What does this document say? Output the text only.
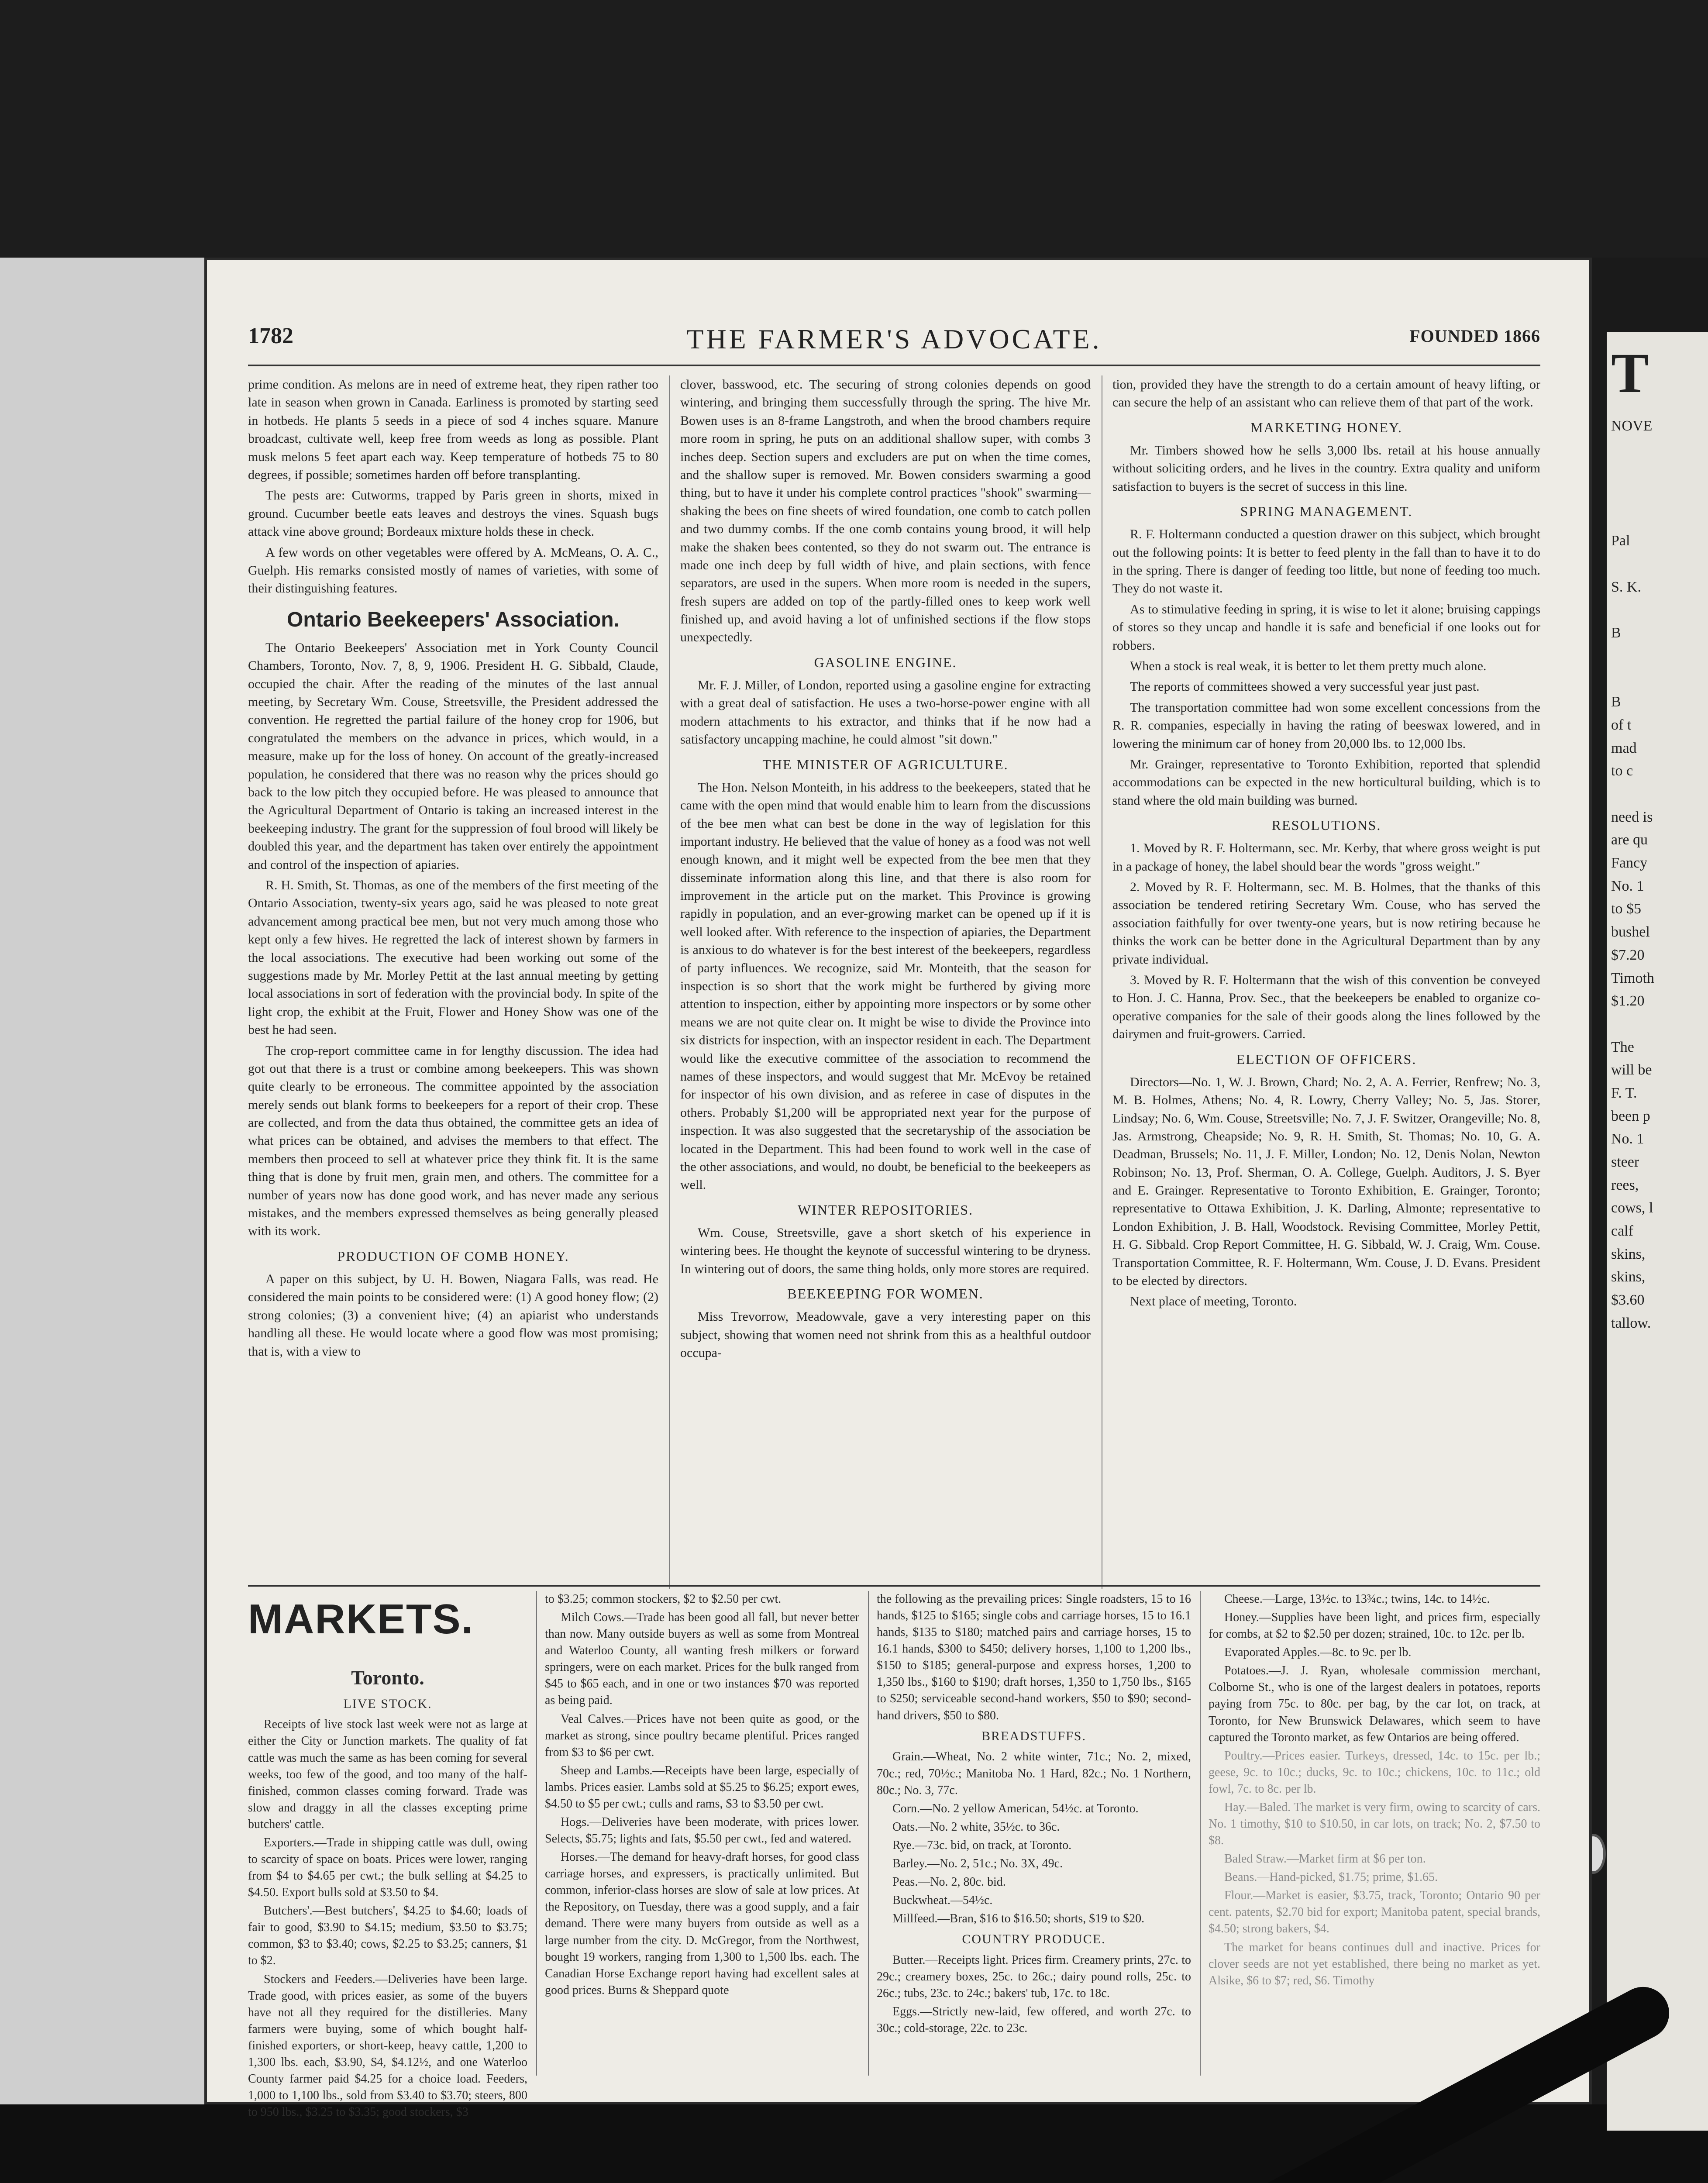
T
NOVE

Pal

S. K.

B

B
of t
mad
to c

need is
are qu
Fancy
No. 1
to $5
bushel
$7.20
Timoth
$1.20

The
will be
F. T.
been p
No. 1
steer
rees,
cows, l
calf
skins,
skins,
$3.60
tallow.
1782	THE FARMER'S ADVOCATE.	FOUNDED 1866

prime condition. As melons are in need of extreme heat, they ripen rather too late in season when grown in Canada. Earliness is promoted by starting seed in hotbeds. He plants 5 seeds in a piece of sod 4 inches square. Manure broadcast, cultivate well, keep free from weeds as long as possible. Plant musk melons 5 feet apart each way. Keep temperature of hotbeds 75 to 80 degrees, if possible; sometimes harden off before transplanting.

The pests are: Cutworms, trapped by Paris green in shorts, mixed in ground. Cucumber beetle eats leaves and destroys the vines. Squash bugs attack vine above ground; Bordeaux mixture holds these in check.

A few words on other vegetables were offered by A. McMeans, O. A. C., Guelph. His remarks consisted mostly of names of varieties, with some of their distinguishing features.

Ontario Beekeepers' Association.

The Ontario Beekeepers' Association met in York County Council Chambers, Toronto, Nov. 7, 8, 9, 1906. President H. G. Sibbald, Claude, occupied the chair. After the reading of the minutes of the last annual meeting, by Secretary Wm. Couse, Streetsville, the President addressed the convention. He regretted the partial failure of the honey crop for 1906, but congratulated the members on the advance in prices, which would, in a measure, make up for the loss of honey. On account of the greatly-increased population, he considered that there was no reason why the prices should go back to the low pitch they occupied before. He was pleased to announce that the Agricultural Department of Ontario is taking an increased interest in the beekeeping industry. The grant for the suppression of foul brood will likely be doubled this year, and the department has taken over entirely the appointment and control of the inspection of apiaries.

R. H. Smith, St. Thomas, as one of the members of the first meeting of the Ontario Association, twenty-six years ago, said he was pleased to note great advancement among practical bee men, but not very much among those who kept only a few hives. He regretted the lack of interest shown by farmers in the local associations. The executive had been working out some of the suggestions made by Mr. Morley Pettit at the last annual meeting by getting local associations in sort of federation with the provincial body. In spite of the light crop, the exhibit at the Fruit, Flower and Honey Show was one of the best he had seen.

The crop-report committee came in for lengthy discussion. The idea had got out that there is a trust or combine among beekeepers. This was shown quite clearly to be erroneous. The committee appointed by the association merely sends out blank forms to beekeepers for a report of their crop. These are collected, and from the data thus obtained, the committee gets an idea of what prices can be obtained, and advises the members to that effect. The members then proceed to sell at whatever price they think fit. It is the same thing that is done by fruit men, grain men, and others. The committee for a number of years now has done good work, and has never made any serious mistakes, and the members expressed themselves as being generally pleased with its work.

PRODUCTION OF COMB HONEY.

A paper on this subject, by U. H. Bowen, Niagara Falls, was read. He considered the main points to be considered were: (1) A good honey flow; (2) strong colonies; (3) a convenient hive; (4) an apiarist who understands handling all these. He would locate where a good flow was most promising; that is, with a view to

clover, basswood, etc. The securing of strong colonies depends on good wintering, and bringing them successfully through the spring. The hive Mr. Bowen uses is an 8-frame Langstroth, and when the brood chambers require more room in spring, he puts on an additional shallow super, with combs 3 inches deep. Section supers and excluders are put on when the time comes, and the shallow super is removed. Mr. Bowen considers swarming a good thing, but to have it under his complete control practices "shook" swarming—shaking the bees on fine sheets of wired foundation, one comb to catch pollen and two dummy combs. If the one comb contains young brood, it will help make the shaken bees contented, so they do not swarm out. The entrance is made one inch deep by full width of hive, and plain sections, with fence separators, are used in the supers. When more room is needed in the supers, fresh supers are added on top of the partly-filled ones to keep work well finished up, and avoid having a lot of unfinished sections if the flow stops unexpectedly.

GASOLINE ENGINE.

Mr. F. J. Miller, of London, reported using a gasoline engine for extracting with a great deal of satisfaction. He uses a two-horse-power engine with all modern attachments to his extractor, and thinks that if he now had a satisfactory uncapping machine, he could almost "sit down."

THE MINISTER OF AGRICULTURE.

The Hon. Nelson Monteith, in his address to the beekeepers, stated that he came with the open mind that would enable him to learn from the discussions of the bee men what can best be done in the way of legislation for this important industry. He believed that the value of honey as a food was not well enough known, and it might well be expected from the bee men that they disseminate information along this line, and that there is also room for improvement in the article put on the market. This Province is growing rapidly in population, and an ever-growing market can be opened up if it is well looked after. With reference to the inspection of apiaries, the Department is anxious to do whatever is for the best interest of the beekeepers, regardless of party influences. We recognize, said Mr. Monteith, that the season for inspection is so short that the work might be furthered by giving more attention to inspection, either by appointing more inspectors or by some other means we are not quite clear on. It might be wise to divide the Province into six districts for inspection, with an inspector resident in each. The Department would like the executive committee of the association to recommend the names of these inspectors, and would suggest that Mr. McEvoy be retained for inspector of his own division, and as referee in case of disputes in the others. Probably $1,200 will be appropriated next year for the purpose of inspection. It was also suggested that the secretaryship of the association be located in the Department. This had been found to work well in the case of the other associations, and would, no doubt, be beneficial to the beekeepers as well.

WINTER REPOSITORIES.

Wm. Couse, Streetsville, gave a short sketch of his experience in wintering bees. He thought the keynote of successful wintering to be dryness. In wintering out of doors, the same thing holds, only more stores are required.

BEEKEEPING FOR WOMEN.

Miss Trevorrow, Meadowvale, gave a very interesting paper on this subject, showing that women need not shrink from this as a healthful outdoor occupa-

tion, provided they have the strength to do a certain amount of heavy lifting, or can secure the help of an assistant who can relieve them of that part of the work.

MARKETING HONEY.

Mr. Timbers showed how he sells 3,000 lbs. retail at his house annually without soliciting orders, and he lives in the country. Extra quality and uniform satisfaction to buyers is the secret of success in this line.

SPRING MANAGEMENT.

R. F. Holtermann conducted a question drawer on this subject, which brought out the following points: It is better to feed plenty in the fall than to have it to do in the spring. There is danger of feeding too little, but none of feeding too much. They do not waste it.

As to stimulative feeding in spring, it is wise to let it alone; bruising cappings of stores so they uncap and handle it is safe and beneficial if one looks out for robbers.

When a stock is real weak, it is better to let them pretty much alone.

The reports of committees showed a very successful year just past.

The transportation committee had won some excellent concessions from the R. R. companies, especially in having the rating of beeswax lowered, and in lowering the minimum car of honey from 20,000 lbs. to 12,000 lbs.

Mr. Grainger, representative to Toronto Exhibition, reported that splendid accommodations can be expected in the new horticultural building, which is to stand where the old main building was burned.

RESOLUTIONS.

1. Moved by R. F. Holtermann, sec. Mr. Kerby, that where gross weight is put in a package of honey, the label should bear the words "gross weight."

2. Moved by R. F. Holtermann, sec. M. B. Holmes, that the thanks of this association be tendered retiring Secretary Wm. Couse, who has served the association faithfully for over twenty-one years, but is now retiring because he thinks the work can be better done in the Agricultural Department than by any private individual.

3. Moved by R. F. Holtermann that the wish of this convention be conveyed to Hon. J. C. Hanna, Prov. Sec., that the beekeepers be enabled to organize co-operative companies for the sale of their goods along the lines followed by the dairymen and fruit-growers. Carried.

ELECTION OF OFFICERS.

Directors—No. 1, W. J. Brown, Chard; No. 2, A. A. Ferrier, Renfrew; No. 3, M. B. Holmes, Athens; No. 4, R. Lowry, Cherry Valley; No. 5, Jas. Storer, Lindsay; No. 6, Wm. Couse, Streetsville; No. 7, J. F. Switzer, Orangeville; No. 8, Jas. Armstrong, Cheapside; No. 9, R. H. Smith, St. Thomas; No. 10, G. A. Deadman, Brussels; No. 11, J. F. Miller, London; No. 12, Denis Nolan, Newton Robinson; No. 13, Prof. Sherman, O. A. College, Guelph. Auditors, J. S. Byer and E. Grainger. Representative to Toronto Exhibition, E. Grainger, Toronto; representative to Ottawa Exhibition, J. K. Darling, Almonte; representative to London Exhibition, J. B. Hall, Woodstock. Revising Committee, Morley Pettit, H. G. Sibbald. Crop Report Committee, H. G. Sibbald, W. J. Craig, Wm. Couse. Transportation Committee, R. F. Holtermann, Wm. Couse, J. D. Evans. President to be elected by directors.

Next place of meeting, Toronto.

MARKETS.
Toronto.
LIVE STOCK.

Receipts of live stock last week were not as large at either the City or Junction markets. The quality of fat cattle was much the same as has been coming for several weeks, too few of the good, and too many of the half-finished, common classes coming forward. Trade was slow and draggy in all the classes excepting prime butchers' cattle.

Exporters.—Trade in shipping cattle was dull, owing to scarcity of space on boats. Prices were lower, ranging from $4 to $4.65 per cwt.; the bulk selling at $4.25 to $4.50. Export bulls sold at $3.50 to $4.

Butchers'.—Best butchers', $4.25 to $4.60; loads of fair to good, $3.90 to $4.15; medium, $3.50 to $3.75; common, $3 to $3.40; cows, $2.25 to $3.25; canners, $1 to $2.

Stockers and Feeders.—Deliveries have been large. Trade good, with prices easier, as some of the buyers have not all they required for the distilleries. Many farmers were buying, some of which bought half-finished exporters, or short-keep, heavy cattle, 1,200 to 1,300 lbs. each, $3.90, $4, $4.12½, and one Waterloo County farmer paid $4.25 for a choice load. Feeders, 1,000 to 1,100 lbs., sold from $3.40 to $3.70; steers, 800 to 950 lbs., $3.25 to $3.35; good stockers, $3

to $3.25; common stockers, $2 to $2.50 per cwt.

Milch Cows.—Trade has been good all fall, but never better than now. Many outside buyers as well as some from Montreal and Waterloo County, all wanting fresh milkers or forward springers, were on each market. Prices for the bulk ranged from $45 to $65 each, and in one or two instances $70 was reported as being paid.

Veal Calves.—Prices have not been quite as good, or the market as strong, since poultry became plentiful. Prices ranged from $3 to $6 per cwt.

Sheep and Lambs.—Receipts have been large, especially of lambs. Prices easier. Lambs sold at $5.25 to $6.25; export ewes, $4.50 to $5 per cwt.; culls and rams, $3 to $3.50 per cwt.

Hogs.—Deliveries have been moderate, with prices lower. Selects, $5.75; lights and fats, $5.50 per cwt., fed and watered.

Horses.—The demand for heavy-draft horses, for good class carriage horses, and expressers, is practically unlimited. But common, inferior-class horses are slow of sale at low prices. At the Repository, on Tuesday, there was a good supply, and a fair demand. There were many buyers from outside as well as a large number from the city. D. McGregor, from the Northwest, bought 19 workers, ranging from 1,300 to 1,500 lbs. each. The Canadian Horse Exchange report having had excellent sales at good prices. Burns & Sheppard quote

the following as the prevailing prices: Single roadsters, 15 to 16 hands, $125 to $165; single cobs and carriage horses, 15 to 16.1 hands, $135 to $180; matched pairs and carriage horses, 15 to 16.1 hands, $300 to $450; delivery horses, 1,100 to 1,200 lbs., $150 to $185; general-purpose and express horses, 1,200 to 1,350 lbs., $160 to $190; draft horses, 1,350 to 1,750 lbs., $165 to $250; serviceable second-hand workers, $50 to $90; second-hand drivers, $50 to $80.

BREADSTUFFS.

Grain.—Wheat, No. 2 white winter, 71c.; No. 2, mixed, 70c.; red, 70½c.; Manitoba No. 1 Hard, 82c.; No. 1 Northern, 80c.; No. 3, 77c.

Corn.—No. 2 yellow American, 54½c. at Toronto.

Oats.—No. 2 white, 35½c. to 36c.

Rye.—73c. bid, on track, at Toronto.

Barley.—No. 2, 51c.; No. 3X, 49c.

Peas.—No. 2, 80c. bid.

Buckwheat.—54½c.

Millfeed.—Bran, $16 to $16.50; shorts, $19 to $20.

COUNTRY PRODUCE.

Butter.—Receipts light. Prices firm. Creamery prints, 27c. to 29c.; creamery boxes, 25c. to 26c.; dairy pound rolls, 25c. to 26c.; tubs, 23c. to 24c.; bakers' tub, 17c. to 18c.

Eggs.—Strictly new-laid, few offered, and worth 27c. to 30c.; cold-storage, 22c. to 23c.

Cheese.—Large, 13½c. to 13¾c.; twins, 14c. to 14½c.

Honey.—Supplies have been light, and prices firm, especially for combs, at $2 to $2.50 per dozen; strained, 10c. to 12c. per lb.

Evaporated Apples.—8c. to 9c. per lb.

Potatoes.—J. J. Ryan, wholesale commission merchant, Colborne St., who is one of the largest dealers in potatoes, reports paying from 75c. to 80c. per bag, by the car lot, on track, at Toronto, for New Brunswick Delawares, which seem to have captured the Toronto market, as few Ontarios are being offered.

Poultry.—Prices easier. Turkeys, dressed, 14c. to 15c. per lb.; geese, 9c. to 10c.; ducks, 9c. to 10c.; chickens, 10c. to 11c.; old fowl, 7c. to 8c. per lb.

Hay.—Baled. The market is very firm, owing to scarcity of cars. No. 1 timothy, $10 to $10.50, in car lots, on track; No. 2, $7.50 to $8.

Baled Straw.—Market firm at $6 per ton.

Beans.—Hand-picked, $1.75; prime, $1.65.

Flour.—Market is easier, $3.75, track, Toronto; Ontario 90 per cent. patents, $2.70 bid for export; Manitoba patent, special brands, $4.50; strong bakers, $4.

The market for beans continues dull and inactive. Prices for clover seeds are not yet established, there being no market as yet. Alsike, $6 to $7; red, $6. Timothy
